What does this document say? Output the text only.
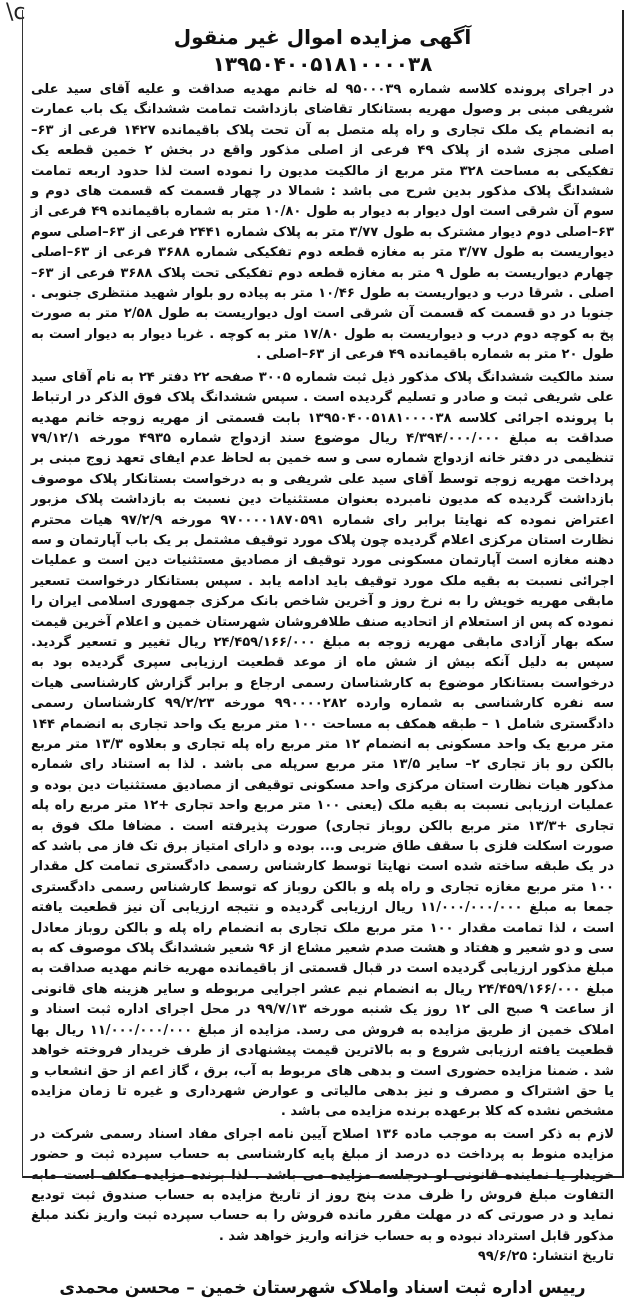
\c
آگهی مزایده اموال غیر منقول
۱۳۹۵۰۴۰۰۵۱۸۱۰۰۰۰۳۸

در اجرای پرونده کلاسه شماره ۹۵۰۰۰۳۹ له خانم مهدیه صداقت و علیه آقای سید علی شریفی مبنی بر وصول مهریه بستانکار تقاضای بازداشت تمامت ششدانگ یک باب عمارت به انضمام یک ملک تجاری و راه پله متصل به آن تحت پلاک باقیمانده ۱۴۲۷ فرعی از ۶۳–اصلی مجزی شده از پلاک ۴۹ فرعی از اصلی مذکور واقع در بخش ۲ خمین قطعه یک تفکیکی به مساحت ۳۲۸ متر مربع از مالکیت مدیون را نموده است لذا حدود اربعه تمامت ششدانگ پلاک مذکور بدین شرح می باشد : شمالا در چهار قسمت که قسمت های دوم و سوم آن شرقی است اول دیوار به دیوار به طول ۱۰/۸۰ متر به شماره باقیمانده ۴۹ فرعی از ۶۳–اصلی دوم دیوار مشترک به طول ۳/۷۷ متر به پلاک شماره ۲۴۴۱ فرعی از ۶۳–اصلی سوم دیواریست به طول ۳/۷۷ متر به مغازه قطعه دوم تفکیکی شماره ۳۶۸۸ فرعی از ۶۳–اصلی چهارم دیواریست به طول ۹ متر به مغازه قطعه دوم تفکیکی تحت پلاک ۳۶۸۸ فرعی از ۶۳–اصلی . شرقا درب و دیواریست به طول ۱۰/۴۶ متر به پیاده رو بلوار شهید منتظری جنوبی . جنوبا در دو قسمت که قسمت آن شرقی است اول دیواریست به طول ۲/۵۸ متر به صورت پخ به کوچه دوم درب و دیواریست به طول ۱۷/۸۰ متر به کوچه . غربا دیوار به دیوار است به طول ۲۰ متر به شماره باقیمانده ۴۹ فرعی از ۶۳–اصلی .

سند مالکیت ششدانگ پلاک مذکور ذیل ثبت شماره ۳۰۰۵ صفحه ۲۲ دفتر ۲۴ به نام آقای سید علی شریفی ثبت و صادر و تسلیم گردیده است . سپس ششدانگ پلاک فوق الذکر در ارتباط با پرونده اجرائی کلاسه ۱۳۹۵۰۴۰۰۵۱۸۱۰۰۰۰۳۸ بابت قسمتی از مهریه زوجه خانم مهدیه صداقت به مبلغ ۴/۳۹۴/۰۰۰/۰۰۰ ریال موضوع سند ازدواج شماره ۴۹۳۵ مورخه ۷۹/۱۲/۱ تنظیمی در دفتر خانه ازدواج شماره سی و سه خمین به لحاظ عدم ایفای تعهد زوج مبنی بر پرداخت مهریه زوجه توسط آقای سید علی شریفی و به درخواست بستانکار پلاک موصوف بازداشت گردیده که مدیون نامبرده بعنوان مستثنیات دین نسبت به بازداشت پلاک مزبور اعتراض نموده که نهایتا برابر رای شماره ۹۷۰۰۰۰۱۸۷۰۵۹۱ مورخه ۹۷/۲/۹ هیات محترم نظارت استان مرکزی اعلام گردیده چون پلاک مورد توقیف مشتمل بر یک باب آپارتمان و سه دهنه مغازه است آپارتمان مسکونی مورد توقیف از مصادیق مستثنیات دین است و عملیات اجرائی نسبت به بقیه ملک مورد توقیف باید ادامه یابد . سپس بستانکار درخواست تسعیر مابقی مهریه خویش را به نرخ روز و آخرین شاخص بانک مرکزی جمهوری اسلامی ایران را نموده که پس از استعلام از اتحادیه صنف طلافروشان شهرستان خمین و اعلام آخرین قیمت سکه بهار آزادی مابقی مهریه زوجه به مبلغ ۲۴/۴۵۹/۱۶۶/۰۰۰ ریال تغییر و تسعیر گردید. سپس به دلیل آنکه بیش از شش ماه از موعد قطعیت ارزیابی سپری گردیده بود به درخواست بستانکار موضوع به کارشناسان رسمی ارجاع و برابر گزارش کارشناسی هیات سه نفره کارشناسی به شماره وارده ۹۹۰۰۰۰۲۸۲ مورخه ۹۹/۲/۲۳ کارشناسان رسمی دادگستری شامل ۱ – طبقه همکف به مساحت ۱۰۰ متر مربع یک واحد تجاری به انضمام ۱۴۴ متر مربع یک واحد مسکونی به انضمام ۱۲ متر مربع راه پله تجاری و بعلاوه ۱۳/۳ متر مربع بالکن رو باز تجاری ۲– سایر ۱۳/۵ متر مربع سرپله می باشد . لذا به استناد رای شماره مذکور هیات نظارت استان مرکزی واحد مسکونی توقیفی از مصادیق مستثنیات دین بوده و عملیات ارزیابی نسبت به بقیه ملک (یعنی ۱۰۰ متر مربع واحد تجاری +۱۲ متر مربع راه پله تجاری +۱۳/۳ متر مربع بالکن روباز تجاری) صورت پذیرفته است . مضافا ملک فوق به صورت اسکلت فلزی با سقف طاق ضربی و... بوده و دارای امتیاز برق تک فاز می باشد که در یک طبقه ساخته شده است نهایتا توسط کارشناس رسمی دادگستری تمامت کل مقدار ۱۰۰ متر مربع مغازه تجاری و راه پله و بالکن روباز که توسط کارشناس رسمی دادگستری جمعا به مبلغ ۱۱/۰۰۰/۰۰۰/۰۰۰ ریال ارزیابی گردیده و نتیجه ارزیابی آن نیز قطعیت یافته است ، لذا تمامت مقدار ۱۰۰ متر مربع ملک تجاری به انضمام راه پله و بالکن روباز معادل سی و دو شعیر و هفتاد و هشت صدم شعیر مشاع از ۹۶ شعیر ششدانگ پلاک موصوف که به مبلغ مذکور ارزیابی گردیده است در قبال قسمتی از باقیمانده مهریه خانم مهدیه صداقت به مبلغ ۲۴/۴۵۹/۱۶۶/۰۰۰ ریال به انضمام نیم عشر اجرایی مربوطه و سایر هزینه های قانونی از ساعت ۹ صبح الی ۱۲ روز یک شنبه مورخه ۹۹/۷/۱۳ در محل اجرای اداره ثبت اسناد و املاک خمین از طریق مزایده به فروش می رسد. مزایده از مبلغ ۱۱/۰۰۰/۰۰۰/۰۰۰ ریال بها قطعیت یافته ارزیابی شروع و به بالاترین قیمت پیشنهادی از طرف خریدار فروخته خواهد شد . ضمنا مزایده حضوری است و بدهی های مربوط به آب، برق ، گاز اعم از حق انشعاب و یا حق اشتراک و مصرف و نیز بدهی مالیاتی و عوارض شهرداری و غیره تا زمان مزایده مشخص نشده که کلا برعهده برنده مزایده می باشد .

لازم به ذکر است به موجب ماده ۱۳۶ اصلاح آیین نامه اجرای مفاد اسناد رسمی شرکت در مزایده منوط به پرداخت ده درصد از مبلغ پایه کارشناسی به حساب سپرده ثبت و حضور خریدار یا نماینده قانونی او درجلسه مزایده می باشد . لذا برنده مزایده مکلف است مابه التفاوت مبلغ فروش را ظرف مدت پنج روز از تاریخ مزایده به حساب صندوق ثبت تودیع نماید و در صورتی که در مهلت مقرر مانده فروش را به حساب سپرده ثبت واریز نکند مبلغ مذکور قابل استرداد نبوده و به حساب خزانه واریز خواهد شد .

تاریخ انتشار: ۹۹/۶/۲۵

رییس اداره ثبت اسناد واملاک شهرستان خمین – محسن محمدی
